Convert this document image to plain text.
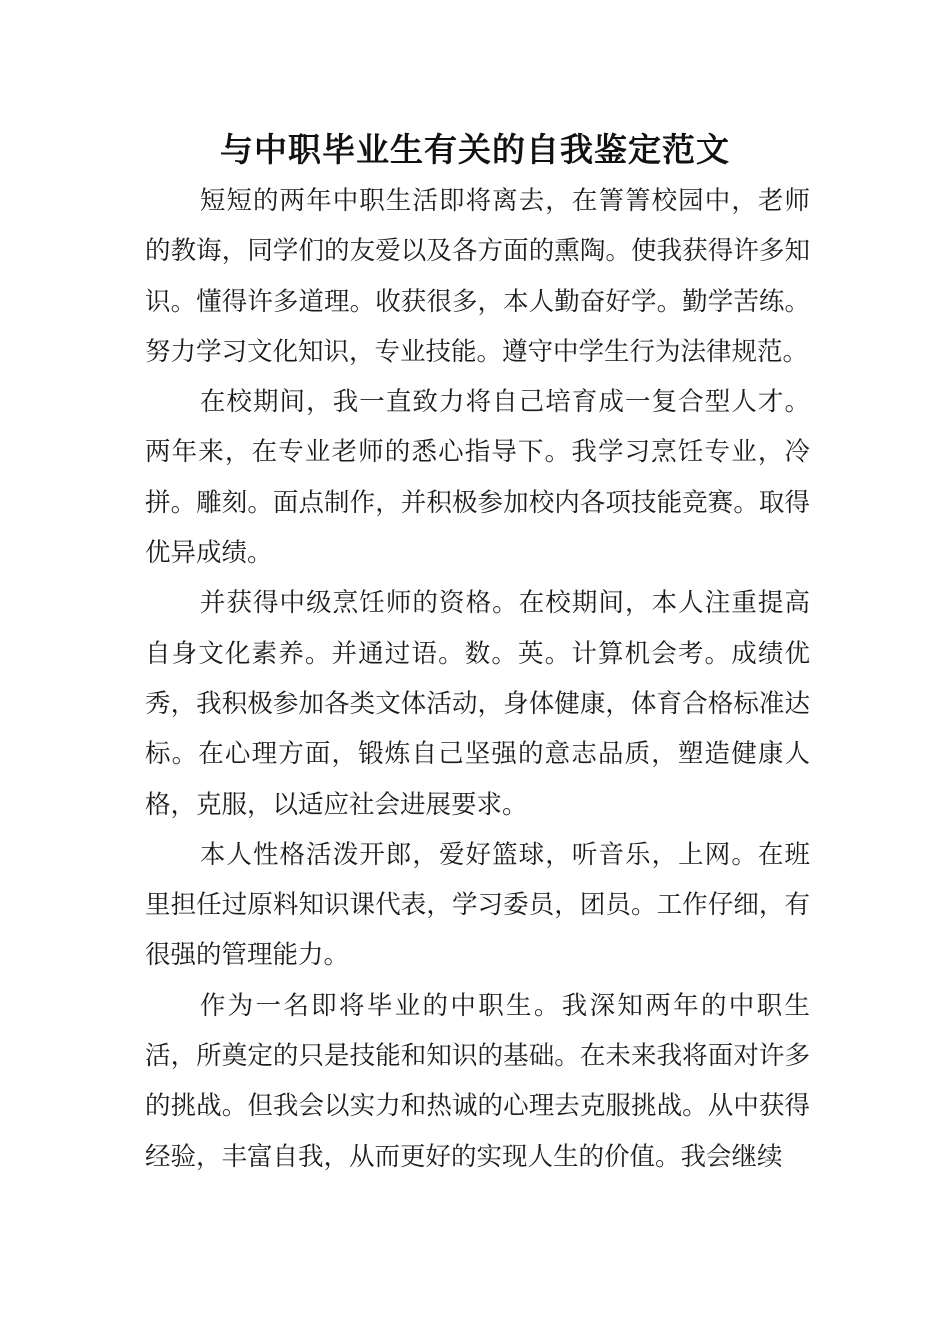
与中职毕业生有关的自我鉴定范文

短短的两年中职生活即将离去，在箐箐校园中，老师的教诲，同学们的友爱以及各方面的熏陶。使我获得许多知识。懂得许多道理。收获很多，本人勤奋好学。勤学苦练。努力学习文化知识，专业技能。遵守中学生行为法律规范。

在校期间，我一直致力将自己培育成一复合型人才。两年来，在专业老师的悉心指导下。我学习烹饪专业，冷拼。雕刻。面点制作，并积极参加校内各项技能竞赛。取得优异成绩。

并获得中级烹饪师的资格。在校期间，本人注重提高自身文化素养。并通过语。数。英。计算机会考。成绩优秀，我积极参加各类文体活动，身体健康，体育合格标准达标。在心理方面，锻炼自己坚强的意志品质，塑造健康人格，克服，以适应社会进展要求。

本人性格活泼开郎，爱好篮球，听音乐，上网。在班里担任过原料知识课代表，学习委员，团员。工作仔细，有很强的管理能力。

作为一名即将毕业的中职生。我深知两年的中职生活，所奠定的只是技能和知识的基础。在未来我将面对许多的挑战。但我会以实力和热诚的心理去克服挑战。从中获得经验，丰富自我，从而更好的实现人生的价值。我会继续
